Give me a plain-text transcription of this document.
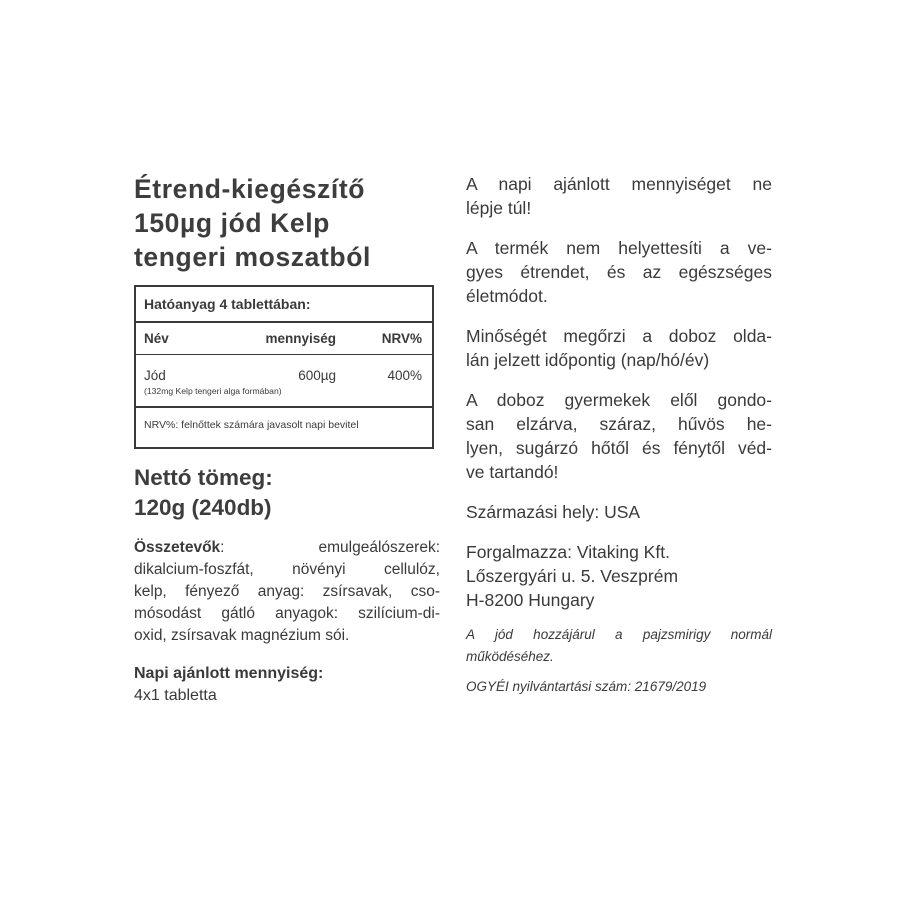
Étrend-kiegészítő
150µg jód Kelp
tengeri moszatból
Hatóanyag 4 tablettában:
Név	mennyiség	NRV%
Jód	600µg	400%
(132mg Kelp tengeri alga formában)
NRV%: felnőttek számára javasolt napi bevitel
Nettó tömeg:
120g (240db)
Összetevők: emulgeálószerek:
dikalcium-foszfát, növényi cellulóz,
kelp, fényező anyag: zsírsavak, cso-
mósodást gátló anyagok: szilícium-di-
oxid, zsírsavak magnézium sói.
Napi ajánlott mennyiség:
4x1 tabletta
A napi ajánlott mennyiséget ne
lépje túl!
A termék nem helyettesíti a ve-
gyes étrendet, és az egészséges
életmódot.
Minőségét megőrzi a doboz olda-
lán jelzett időpontig (nap/hó/év)
A doboz gyermekek elől gondo-
san elzárva, száraz, hűvös he-
lyen, sugárzó hőtől és fénytől véd-
ve tartandó!
Származási hely: USA
Forgalmazza: Vitaking Kft.
Lőszergyári u. 5. Veszprém
H-8200 Hungary
A jód hozzájárul a pajzsmirigy normál
működéséhez.
OGYÉI nyilvántartási szám: 21679/2019
